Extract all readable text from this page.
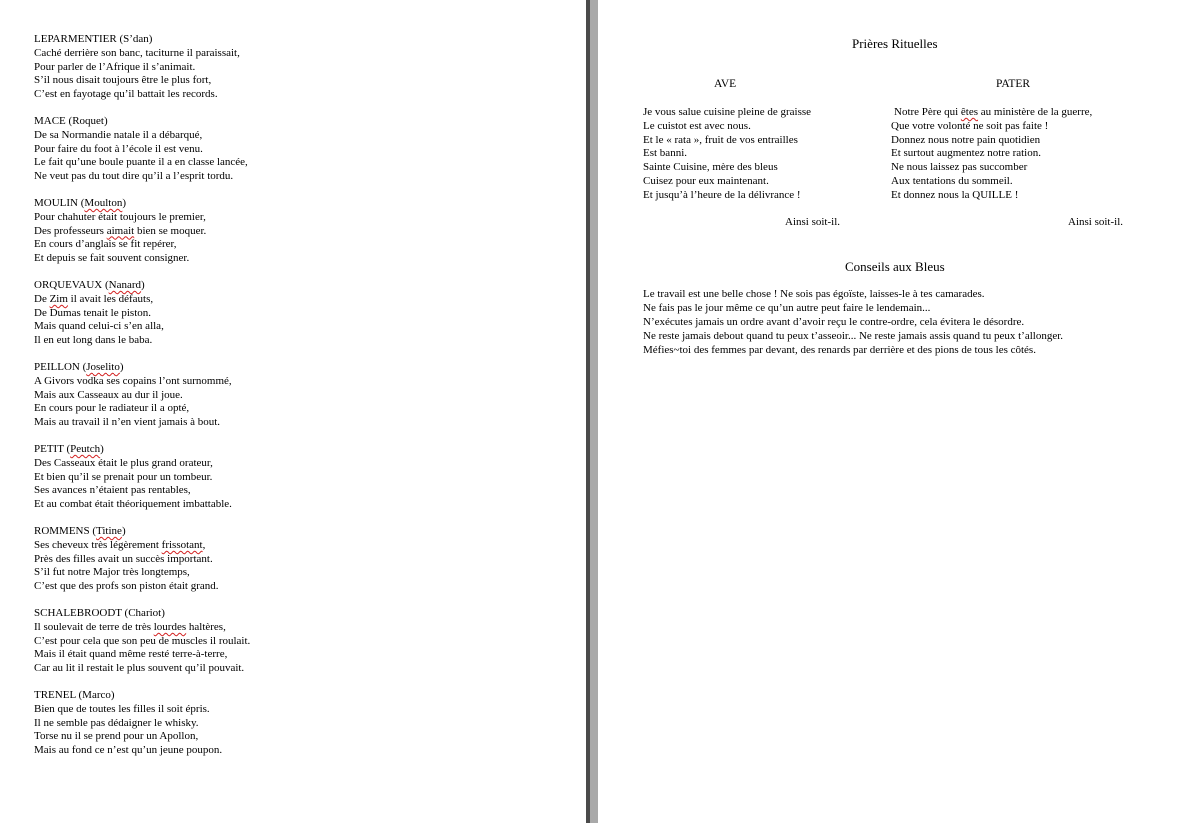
LEPARMENTIER (S’dan)
Caché derrière son banc, taciturne il paraissait,
Pour parler de l’Afrique il s’animait.
S’il nous disait toujours être le plus fort,
C’est en fayotage qu’il battait les records.
MACE (Roquet)
De sa Normandie natale il a débarqué,
Pour faire du foot à l’école il est venu.
Le fait qu’une boule puante il a en classe lancée,
Ne veut pas du tout dire qu’il a l’esprit tordu.
MOULIN (Moulton)
Pour chahuter était toujours le premier,
Des professeurs aimait bien se moquer.
En cours d’anglais se fit repérer,
Et depuis se fait souvent consigner.
ORQUEVAUX (Nanard)
De Zim il avait les défauts,
De Dumas tenait le piston.
Mais quand celui-ci s’en alla,
Il en eut long dans le baba.
PEILLON (Joselito)
A Givors vodka ses copains l’ont surnommé,
Mais aux Casseaux au dur il joue.
En cours pour le radiateur il a opté,
Mais au travail il n’en vient jamais à bout.
PETIT (Peutch)
Des Casseaux était le plus grand orateur,
Et bien qu’il se prenait pour un tombeur.
Ses avances n’étaient pas rentables,
Et au combat était théoriquement imbattable.
ROMMENS (Titine)
Ses cheveux très légèrement frissotant,
Près des filles avait un succès important.
S’il fut notre Major très longtemps,
C’est que des profs son piston était grand.
SCHALEBROODT (Chariot)
Il soulevait de terre de très lourdes haltères,
C’est pour cela que son peu de muscles il roulait.
Mais il était quand même resté terre-à-terre,
Car au lit il restait le plus souvent qu’il pouvait.
TRENEL (Marco)
Bien que de toutes les filles il soit épris.
Il ne semble pas dédaigner le whisky.
Torse nu il se prend pour un Apollon,
Mais au fond ce n’est qu’un jeune poupon.
Prières Rituelles
AVE	PATER
Je vous salue cuisine pleine de graisse
Le cuistot est avec nous.
Et le « rata », fruit de vos entrailles
Est banni.
Sainte Cuisine, mère des bleus
Cuisez pour eux maintenant.
Et jusqu’à l’heure de la délivrance !
Notre Père qui êtes au ministère de la guerre,
Que votre volonté ne soit pas faite !
Donnez nous notre pain quotidien
Et surtout augmentez notre ration.
Ne nous laissez pas succomber
Aux tentations du sommeil.
Et donnez nous la QUILLE !
Ainsi soit-il.	Ainsi soit-il.
Conseils aux Bleus
Le travail est une belle chose ! Ne sois pas égoïste, laisses-le à tes camarades.
Ne fais pas le jour même ce qu’un autre peut faire le lendemain...
N’exécutes jamais un ordre avant d’avoir reçu le contre-ordre, cela évitera le désordre.
Ne reste jamais debout quand tu peux t’asseoir... Ne reste jamais assis quand tu peux t’allonger.
Méfies~toi des femmes par devant, des renards par derrière et des pions de tous les côtés.
